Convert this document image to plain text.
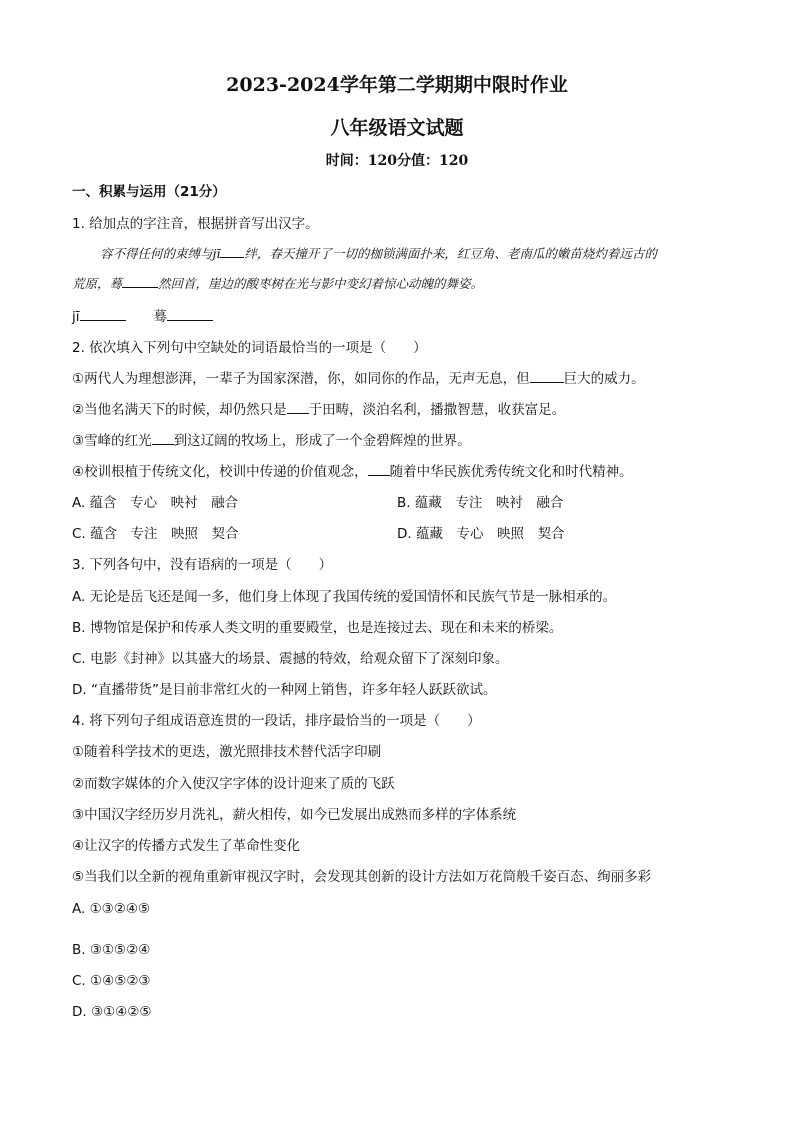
2023-2024学年第二学期期中限时作业
八年级语文试题
时间：120分值：120
一、积累与运用（21分）
1. 给加点的字注音，根据拼音写出汉字。
容不得任何的束缚与jī 绊，春天撞开了一切的枷锁满面扑来，红豆角、老南瓜的嫩苗烧灼着远古的
荒原，蓦	然回首，崖边的酸枣树在光与影中变幻着惊心动魄的舞姿。
jī	蓦
2. 依次填入下列句中空缺处的词语最恰当的一项是（　　）
①两代人为理想澎湃，一辈子为国家深潜，你，如同你的作品，无声无息，但	巨大的威力。
②当他名满天下的时候，却仍然只是 于田畴，淡泊名利，播撒智慧，收获富足。
③雪峰的红光 到这辽阔的牧场上，形成了一个金碧辉煌的世界。
④校训根植于传统文化，校训中传递的价值观念， 随着中华民族优秀传统文化和时代精神。
A. 蕴含　专心　映衬　融合	B. 蕴藏　专注　映衬　融合
C. 蕴含　专注　映照　契合	D. 蕴藏　专心　映照　契合
3. 下列各句中，没有语病的一项是（　　）
A. 无论是岳飞还是闻一多，他们身上体现了我国传统的爱国情怀和民族气节是一脉相承的。
B. 博物馆是保护和传承人类文明的重要殿堂，也是连接过去、现在和未来的桥梁。
C. 电影《封神》以其盛大的场景、震撼的特效，给观众留下了深刻印象。
D. “直播带货”是目前非常红火的一种网上销售，许多年轻人跃跃欲试。
4. 将下列句子组成语意连贯的一段话，排序最恰当的一项是（　　）
①随着科学技术的更迭，激光照排技术替代活字印刷
②而数字媒体的介入使汉字字体的设计迎来了质的飞跃
③中国汉字经历岁月洗礼，薪火相传，如今已发展出成熟而多样的字体系统
④让汉字的传播方式发生了革命性变化
⑤当我们以全新的视角重新审视汉字时，会发现其创新的设计方法如万花筒般千姿百态、绚丽多彩
A. ①③②④⑤
B. ③①⑤②④
C. ①④⑤②③
D. ③①④②⑤
